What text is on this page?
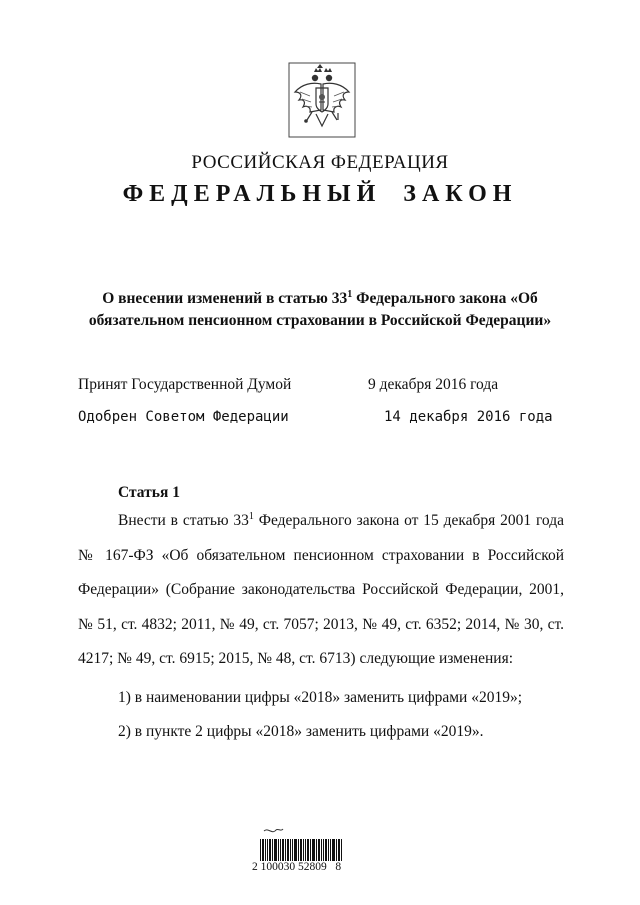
РОССИЙСКАЯ ФЕДЕРАЦИЯ
ФЕДЕРАЛЬНЫЙ ЗАКОН
О внесении изменений в статью $33^1$ Федерального закона «Об
обязательном пенсионном страховании в Российской Федерации»
Принят Государственной Думой	9 декабря 2016 года
Одобрен Советом Федерации	14 декабря 2016 года
Статья 1

Внести в статью $33^1$ Федерального закона от 15 декабря 2001 года № 167-ФЗ «Об обязательном пенсионном страховании в Российской Федерации» (Собрание законодательства Российской Федерации, 2001, № 51, ст. 4832; 2011, № 49, ст. 7057; 2013, № 49, ст. 6352; 2014, № 30, ст. 4217; № 49, ст. 6915; 2015, № 48, ст. 6713) следующие изменения:

1) в наименовании цифры «2018» заменить цифрами «2019»;
2) в пункте 2 цифры «2018» заменить цифрами «2019».
2 100030 52809   8
